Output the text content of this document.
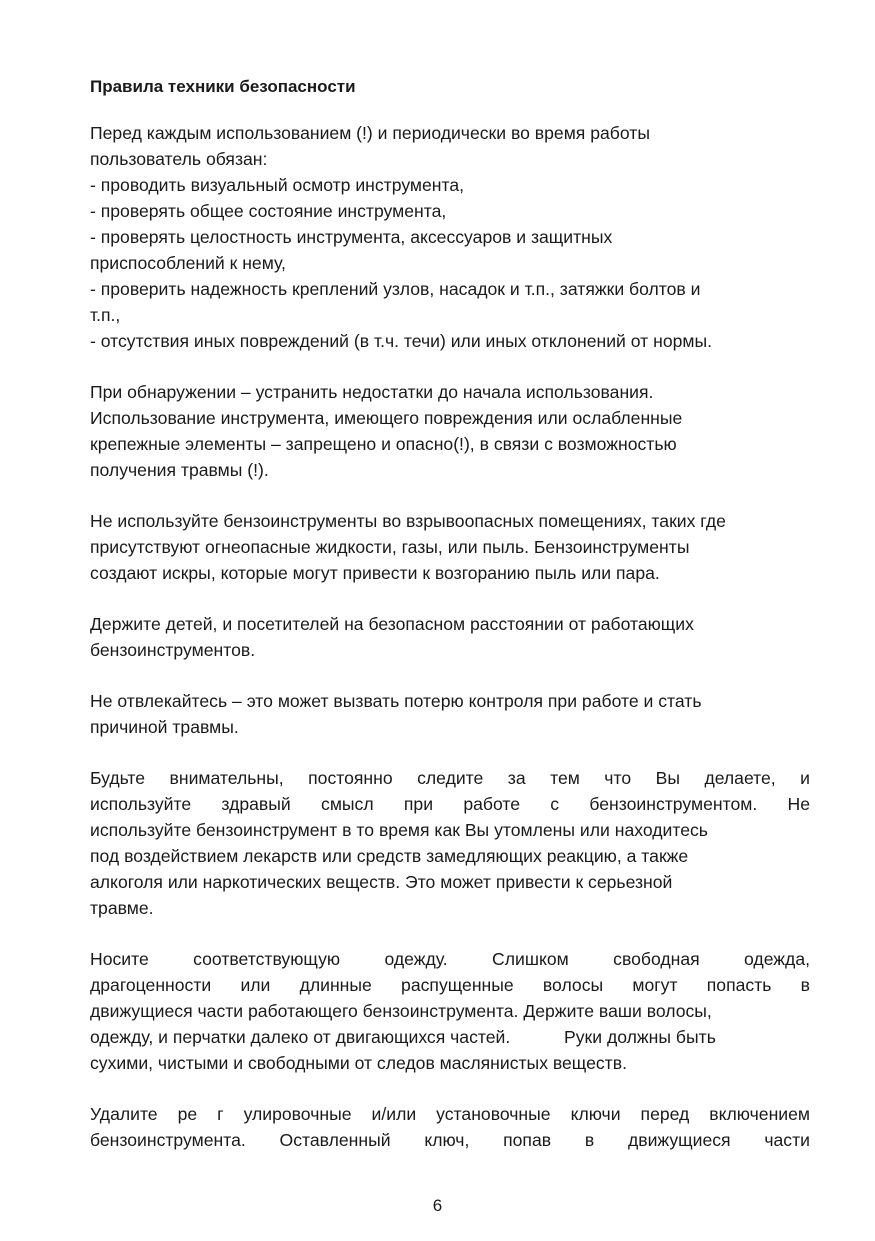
Правила техники безопасности
Перед каждым использованием (!) и периодически во время работы
пользователь обязан:
- проводить визуальный осмотр инструмента,
- проверять общее состояние инструмента,
- проверять целостность инструмента, аксессуаров и защитных
приспособлений к нему,
- проверить надежность креплений узлов, насадок и т.п., затяжки болтов и
т.п.,
- отсутствия иных повреждений (в т.ч. течи) или иных отклонений от нормы.
При обнаружении – устранить недостатки до начала использования.
Использование инструмента, имеющего повреждения или ослабленные
крепежные элементы – запрещено и опасно(!), в связи с возможностью
получения травмы (!).
Не используйте бензоинструменты во взрывоопасных помещениях, таких где
присутствуют огнеопасные жидкости, газы, или пыль. Бензоинструменты
создают искры, которые могут привести к возгоранию пыль или пара.
Держите детей, и посетителей на безопасном расстоянии от работающих
бензоинструментов.
Не отвлекайтесь – это может вызвать потерю контроля при работе и стать
причиной травмы.
Будьте внимательны, постоянно следите за тем что Вы делаете, и
используйте здравый смысл при работе с бензоинструментом. Не
используйте бензоинструмент в то время как Вы утомлены или находитесь
под воздействием лекарств или средств замедляющих реакцию, а также
алкоголя или наркотических веществ. Это может привести к серьезной
травме.
Носите соответствующую одежду. Слишком свободная одежда,
драгоценности или длинные распущенные волосы могут попасть в
движущиеся части работающего бензоинструмента. Держите ваши волосы,
одежду, и перчатки далеко от двигающихся частей.           Руки должны быть
сухими, чистыми и свободными от следов маслянистых веществ.
Удалите ре г улировочные и/или установочные ключи перед включением
бензоинструмента. Оставленный ключ, попав в движущиеся части
6
